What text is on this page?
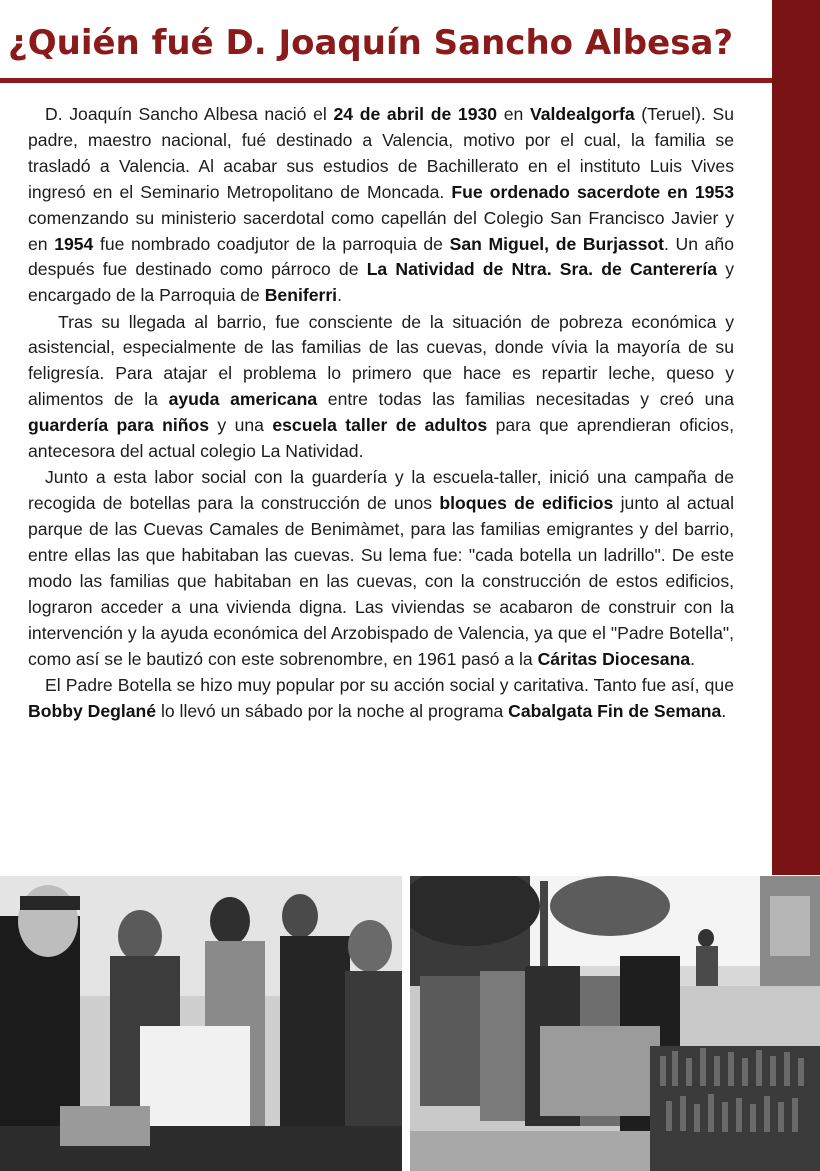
¿Quién fué D. Joaquín Sancho Albesa?

D. Joaquín Sancho Albesa nació el 24 de abril de 1930 en Valdealgorfa (Teruel). Su padre, maestro nacional, fué destinado a Valencia, motivo por el cual, la familia se trasladó a Valencia. Al acabar sus estudios de Bachillerato en el instituto Luis Vives ingresó en el Seminario Metropolitano de Moncada. Fue ordenado sacerdote en 1953 comenzando su ministerio sacerdotal como capellán del Colegio San Francisco Javier y en 1954 fue nombrado coadjutor de la parroquia de San Miguel, de Burjassot. Un año después fue destinado como párroco de La Natividad de Ntra. Sra. de Canterería y encargado de la Parroquia de Beniferri.

Tras su llegada al barrio, fue consciente de la situación de pobreza económica y asistencial, especialmente de las familias de las cuevas, donde vívia la mayoría de su feligresía. Para atajar el problema lo primero que hace es repartir leche, queso y alimentos de la ayuda americana entre todas las familias necesitadas y creó una guardería para niños y una escuela taller de adultos para que aprendieran oficios, antecesora del actual colegio La Natividad.

Junto a esta labor social con la guardería y la escuela-taller, inició una campaña de recogida de botellas para la construcción de unos bloques de edificios junto al actual parque de las Cuevas Camales de Benimàmet, para las familias emigrantes y del barrio, entre ellas las que habitaban las cuevas. Su lema fue: "cada botella un ladrillo". De este modo las familias que habitaban en las cuevas, con la construcción de estos edificios, lograron acceder a una vivienda digna. Las viviendas se acabaron de construir con la intervención y la ayuda económica del Arzobispado de Valencia, ya que el "Padre Botella", como así se le bautizó con este sobrenombre, en 1961 pasó a la Cáritas Diocesana.

El Padre Botella se hizo muy popular por su acción social y caritativa. Tanto fue así, que Bobby Deglané lo llevó un sábado por la noche al programa Cabalgata Fin de Semana.
